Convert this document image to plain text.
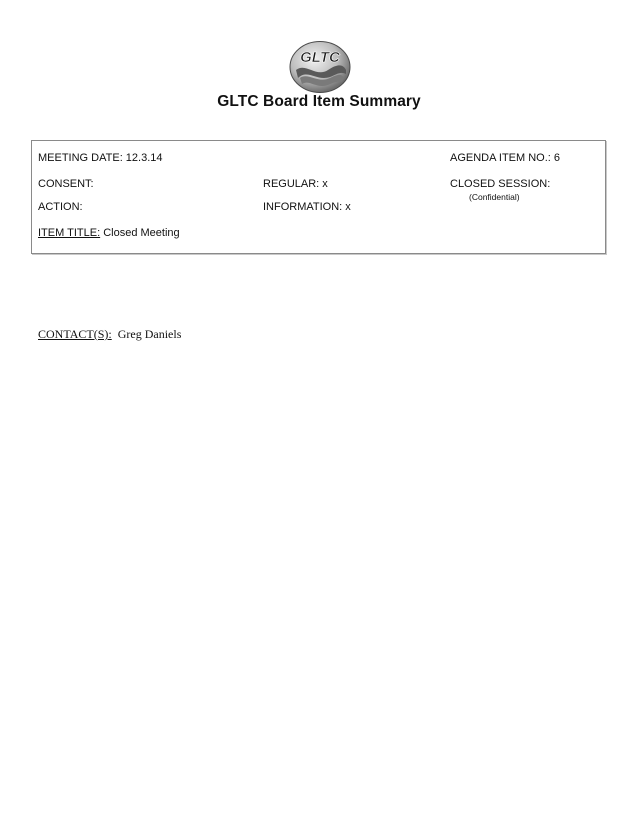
GLTC
GLTC Board Item Summary
MEETING DATE: 12.3.14	AGENDA ITEM NO.: 6
CONSENT:	REGULAR: x	CLOSED SESSION:
(Confidential)
ACTION:	INFORMATION: x
ITEM TITLE: Closed Meeting
CONTACT(S):  Greg Daniels
